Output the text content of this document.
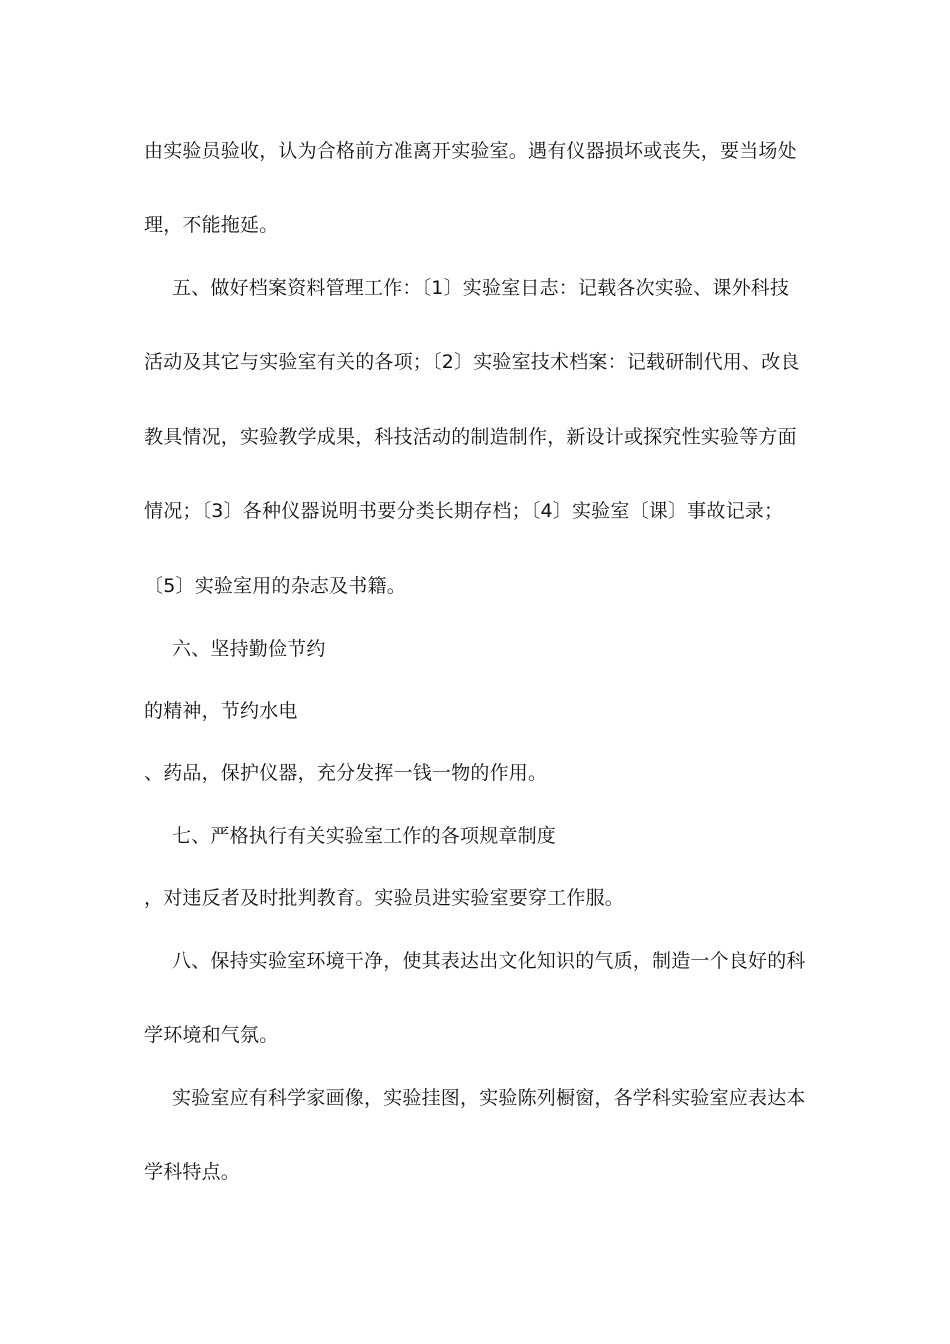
由实验员验收，认为合格前方准离开实验室。遇有仪器损坏或丧失，要当场处
理，不能拖延。
五、做好档案资料管理工作：〔1〕实验室日志：记载各次实验、课外科技
活动及其它与实验室有关的各项；〔2〕实验室技术档案：记载研制代用、改良
教具情况，实验教学成果，科技活动的制造制作，新设计或探究性实验等方面
情况；〔3〕各种仪器说明书要分类长期存档；〔4〕实验室〔课〕事故记录；
〔5〕实验室用的杂志及书籍。
六、坚持勤俭节约
的精神，节约水电
、药品，保护仪器，充分发挥一钱一物的作用。
七、严格执行有关实验室工作的各项规章制度
，对违反者及时批判教育。实验员进实验室要穿工作服。
八、保持实验室环境干净，使其表达出文化知识的气质，制造一个良好的科
学环境和气氛。
实验室应有科学家画像，实验挂图，实验陈列橱窗，各学科实验室应表达本
学科特点。
